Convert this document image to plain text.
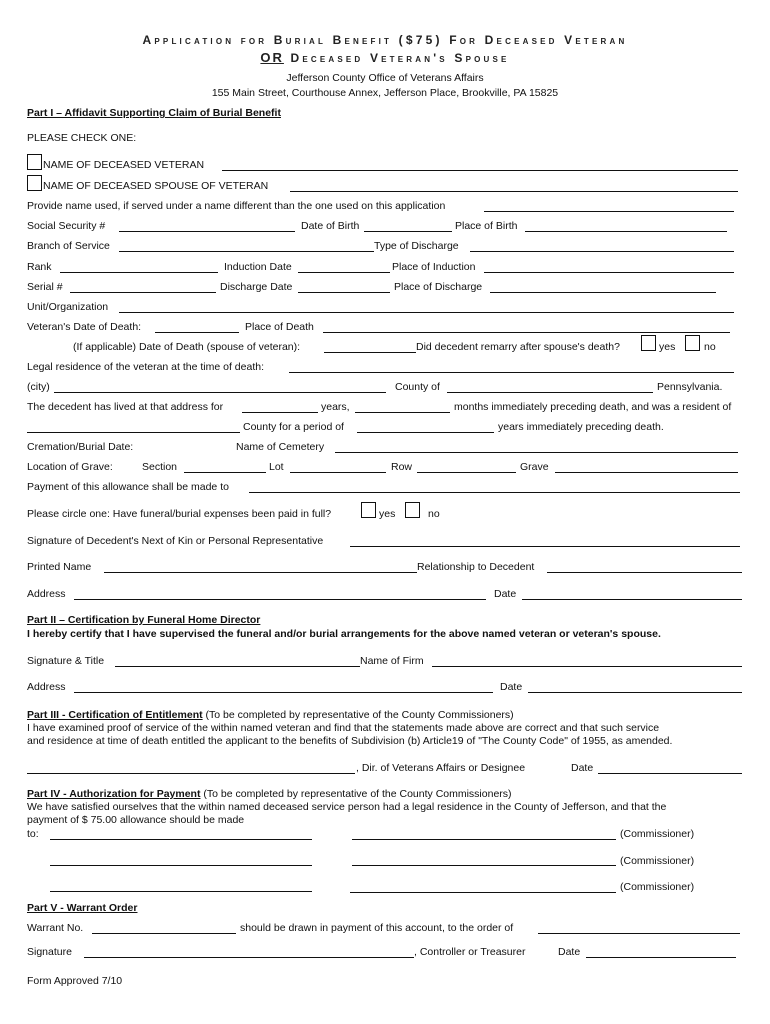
Application for Burial Benefit ($75) For Deceased Veteran
OR Deceased Veteran's Spouse
Jefferson County Office of Veterans Affairs
155 Main Street, Courthouse Annex, Jefferson Place, Brookville, PA 15825
Part I – Affidavit Supporting Claim of Burial Benefit
PLEASE CHECK ONE:
NAME OF DECEASED VETERAN
NAME OF DECEASED SPOUSE OF VETERAN
Provide name used, if served under a name different than the one used on this application
Social Security #	Date of Birth	Place of Birth
Branch of Service	Type of Discharge
Rank	Induction Date	Place of Induction
Serial #	Discharge Date	Place of Discharge
Unit/Organization
Veteran's Date of Death:	Place of Death
(If applicable) Date of Death (spouse of veteran):	Did decedent remarry after spouse's death?	yes	no
Legal residence of the veteran at the time of death:
(city)	County of	Pennsylvania.
The decedent has lived at that address for	years,	months immediately preceding death, and was a resident of
County for a period of	years immediately preceding death.
Cremation/Burial Date:	Name of Cemetery
Location of Grave:	Section	Lot	Row	Grave
Payment of this allowance shall be made to
Please circle one: Have funeral/burial expenses been paid in full?	yes	no
Signature of Decedent's Next of Kin or Personal Representative
Printed Name	Relationship to Decedent
Address	Date
Part II – Certification by Funeral Home Director
I hereby certify that I have supervised the funeral and/or burial arrangements for the above named veteran or veteran's spouse.
Signature & Title	Name of Firm
Address	Date
Part III - Certification of Entitlement (To be completed by representative of the County Commissioners)
I have examined proof of service of the within named veteran and find that the statements made above are correct and that such service
and residence at time of death entitled the applicant to the benefits of Subdivision (b) Article19 of "The County Code" of 1955, as amended.
, Dir. of Veterans Affairs or Designee	Date
Part IV - Authorization for Payment (To be completed by representative of the County Commissioners)
We have satisfied ourselves that the within named deceased service person had a legal residence in the County of Jefferson, and that the
payment of $ 75.00 allowance should be made
to:	(Commissioner)
(Commissioner)
(Commissioner)
Part V - Warrant Order
Warrant No.	should be drawn in payment of this account, to the order of
Signature	, Controller or Treasurer	Date
Form Approved 7/10
